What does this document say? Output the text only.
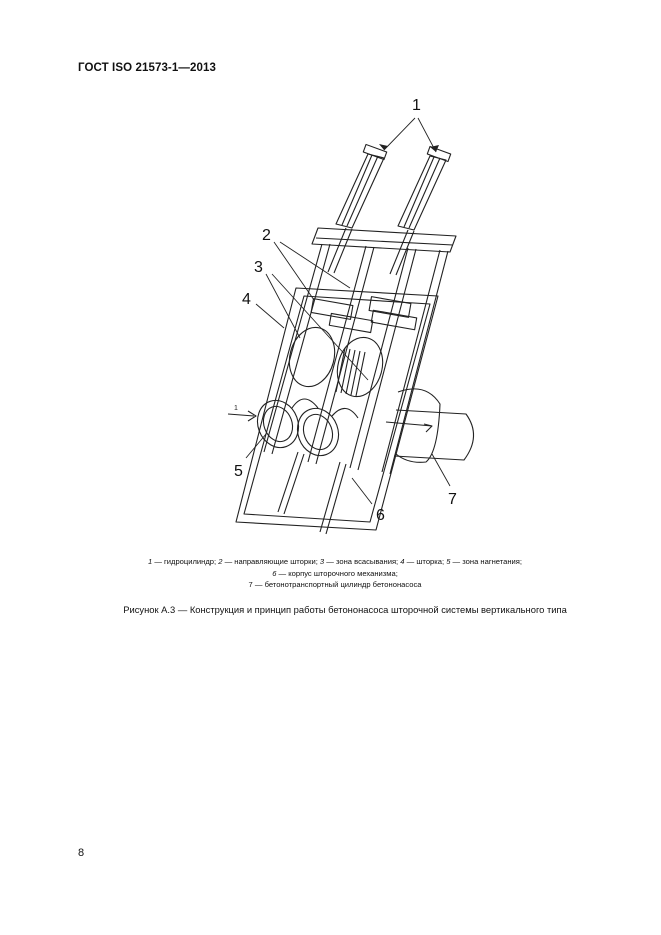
ГОСТ ISO 21573-1—2013
1
2
3
4
5
6
7
1
1 — гидроцилиндр; 2 — направляющие шторки; 3 — зона всасывания; 4 — шторка; 5 — зона нагнетания;
6 — корпус шторочного механизма;
7 — бетонотранспортный цилиндр бетононасоса
Рисунок А.3 — Конструкция и принцип работы бетононасоса шторочной системы вертикального типа
8
